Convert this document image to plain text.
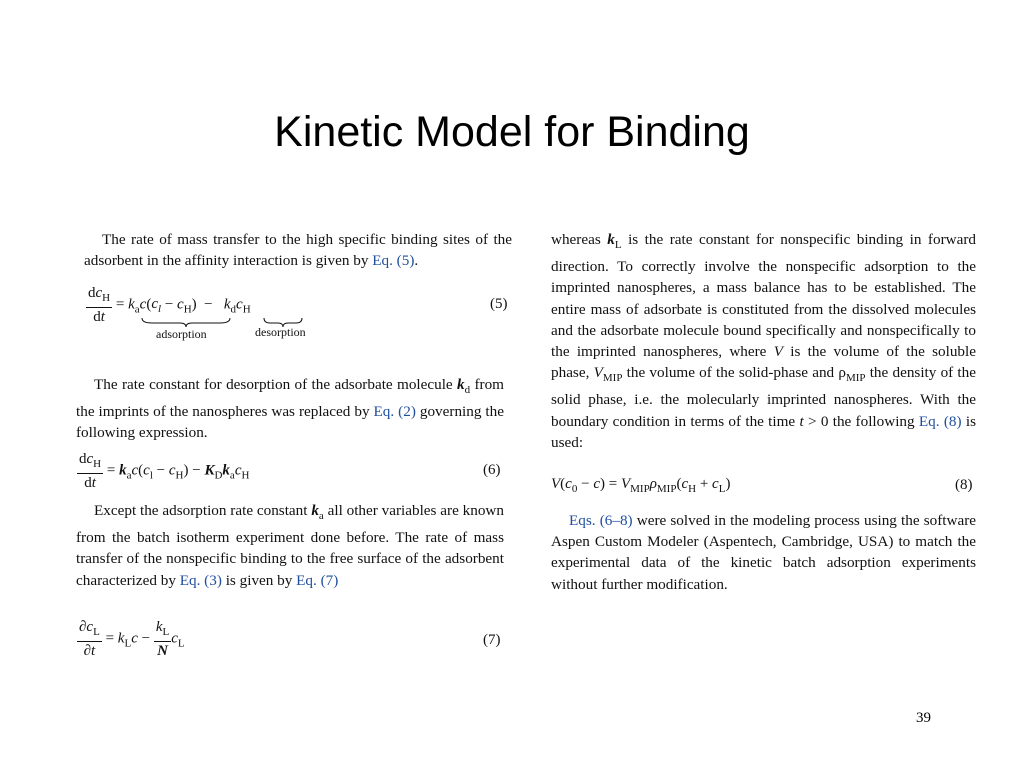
Kinetic Model for Binding

The rate of mass transfer to the high specific binding sites of the adsorbent in the affinity interaction is given by Eq. (5).

$\frac{dc_H}{dt} = k_ac(c_l - c_H) - k_dc_H$
adsorption	desorption
(5)

The rate constant for desorption of the adsorbate molecule $k_d$ from the imprints of the nanospheres was replaced by Eq. (2) governing the following expression.

$\frac{dc_H}{dt} = k_ac(c_l - c_H) - K_Dk_ac_H$	(6)

Except the adsorption rate constant $k_a$ all other variables are known from the batch isotherm experiment done before. The rate of mass transfer of the nonspecific binding to the free surface of the adsorbent characterized by Eq. (3) is given by Eq. (7)

$\frac{\partial c_L}{\partial t} = k_Lc - \frac{k_L}{N} c_L$	(7)

whereas $k_L$ is the rate constant for nonspecific binding in forward direction. To correctly involve the nonspecific adsorption to the imprinted nanospheres, a mass balance has to be established. The entire mass of adsorbate is constituted from the dissolved molecules and the adsorbate molecule bound specifically and nonspecifically to the imprinted nanospheres, where V is the volume of the soluble phase, $V_{MIP}$ the volume of the solid-phase and $\rho_{MIP}$ the density of the solid phase, i.e. the molecularly imprinted nanospheres. With the boundary condition in terms of the time t > 0 the following Eq. (8) is used:

$V(c_0 - c) = V_{MIP}\rho_{MIP}(c_H + c_L)$	(8)

Eqs. (6–8) were solved in the modeling process using the software Aspen Custom Modeler (Aspentech, Cambridge, USA) to match the experimental data of the kinetic batch adsorption experiments without further modification.

39
